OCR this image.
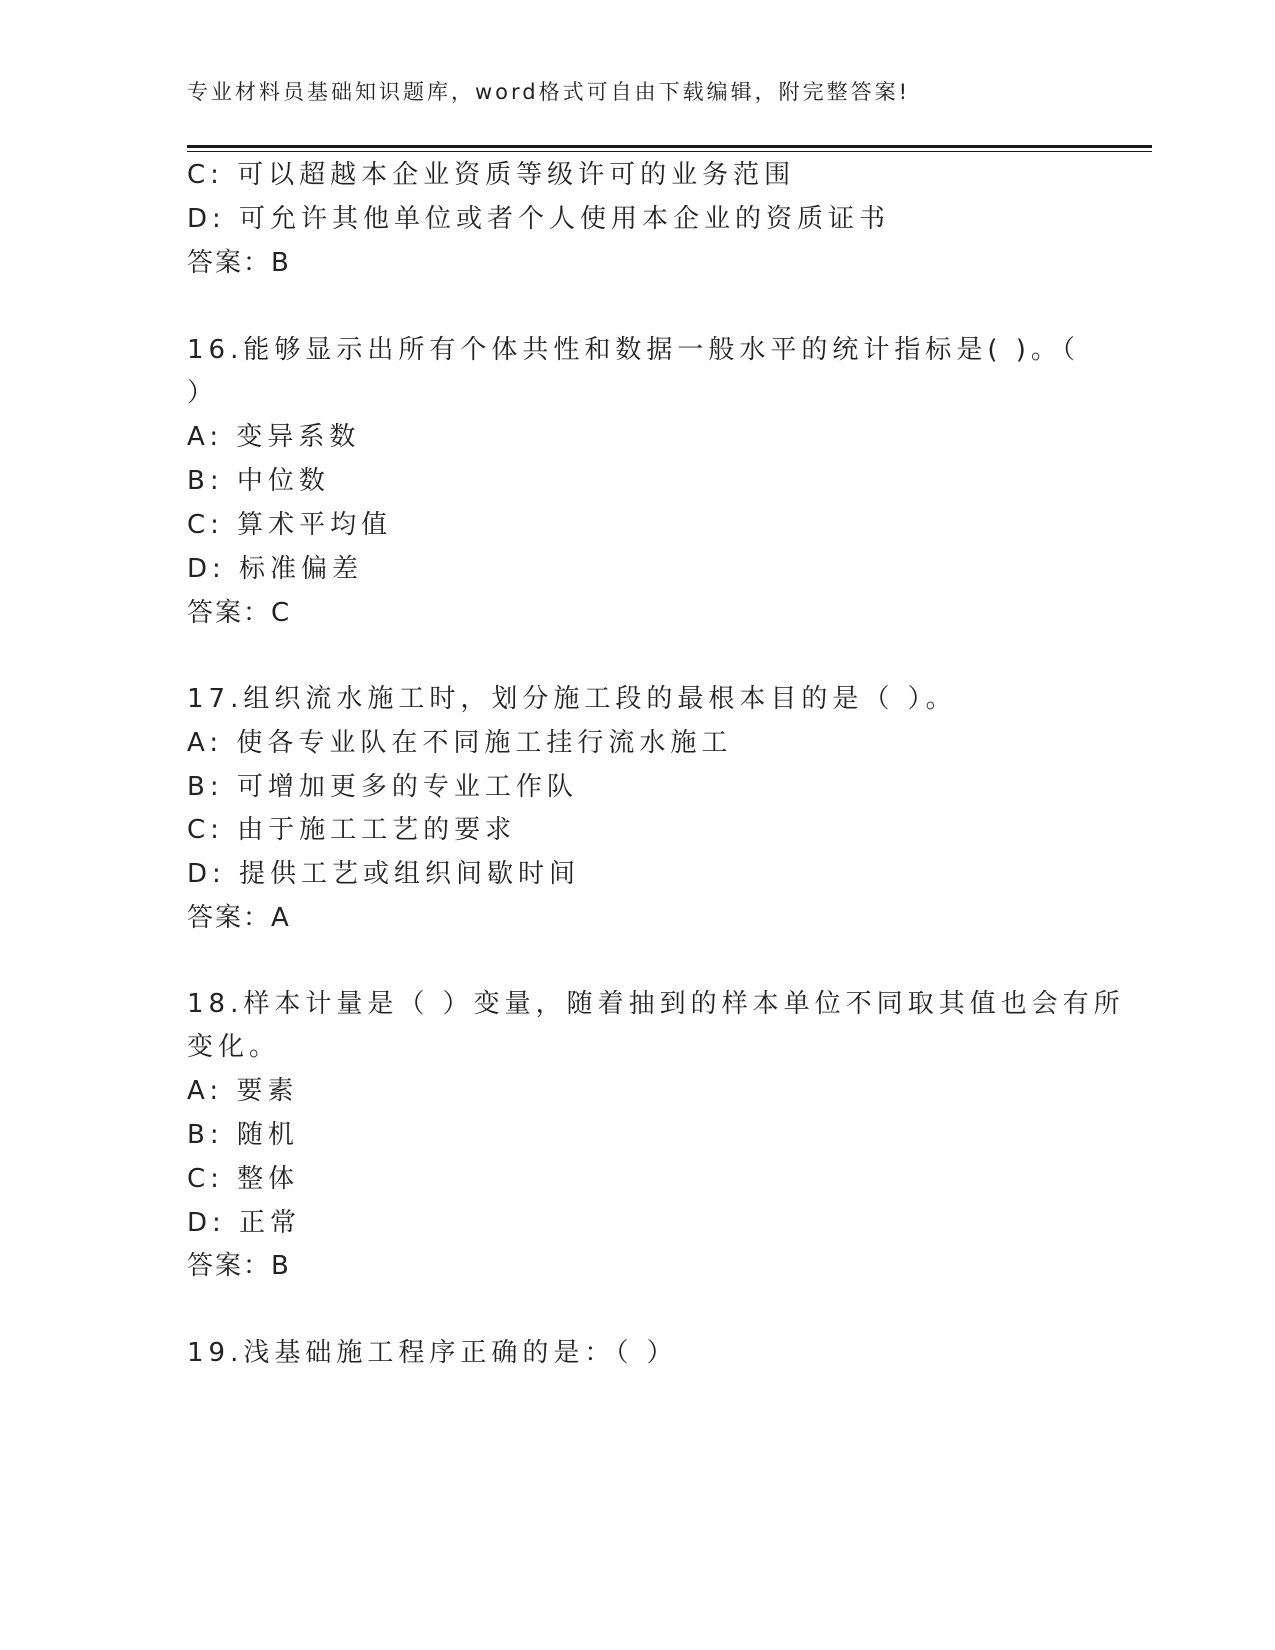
专业材料员基础知识题库，word格式可自由下载编辑，附完整答案!
C: 可以超越本企业资质等级许可的业务范围
D: 可允许其他单位或者个人使用本企业的资质证书
答案：B
16.能够显示出所有个体共性和数据一般水平的统计指标是( )。（
）
A: 变异系数
B: 中位数
C: 算术平均值
D: 标准偏差
答案：C
17.组织流水施工时，划分施工段的最根本目的是（ ）。
A: 使各专业队在不同施工挂行流水施工
B: 可增加更多的专业工作队
C: 由于施工工艺的要求
D: 提供工艺或组织间歇时间
答案：A
18.样本计量是（ ）变量，随着抽到的样本单位不同取其值也会有所
变化。
A: 要素
B: 随机
C: 整体
D: 正常
答案：B
19.浅基础施工程序正确的是：（ ）
